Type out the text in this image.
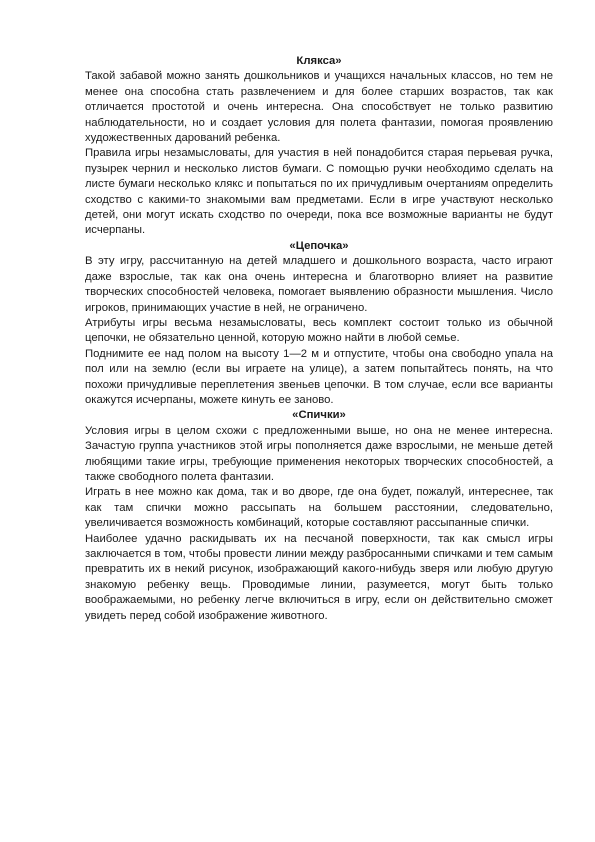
Клякса»

Такой забавой можно занять дошкольников и учащихся начальных классов, но тем не менее она способна стать развлечением и для более старших возрастов, так как отличается простотой и очень интересна. Она способствует не только развитию наблюдательности, но и создает условия для полета фантазии, помогая проявлению художественных дарований ребенка.

Правила игры незамысловаты, для участия в ней понадобится старая перьевая ручка, пузырек чернил и несколько листов бумаги. С помощью ручки необходимо сделать на листе бумаги несколько клякс и попытаться по их причудливым очертаниям определить сходство с какими-то знакомыми вам предметами. Если в игре участвуют несколько детей, они могут искать сходство по очереди, пока все возможные варианты не будут исчерпаны.

«Цепочка»

В эту игру, рассчитанную на детей младшего и дошкольного возраста, часто играют даже взрослые, так как она очень интересна и благотворно влияет на развитие творческих способностей человека, помогает выявлению образности мышления. Число игроков, принимающих участие в ней, не ограничено.

Атрибуты игры весьма незамысловаты, весь комплект состоит только из обычной цепочки, не обязательно ценной, которую можно найти в любой семье.

Поднимите ее над полом на высоту 1—2 м и отпустите, чтобы она свободно упала на пол или на землю (если вы играете на улице), а затем попытайтесь понять, на что похожи причудливые переплетения звеньев цепочки. В том случае, если все варианты окажутся исчерпаны, можете кинуть ее заново.

«Спички»

Условия игры в целом схожи с предложенными выше, но она не менее интересна. Зачастую группа участников этой игры пополняется даже взрослыми, не меньше детей любящими такие игры, требующие применения некоторых творческих способностей, а также свободного полета фантазии.

Играть в нее можно как дома, так и во дворе, где она будет, пожалуй, интереснее, так как там спички можно рассыпать на большем расстоянии, следовательно, увеличивается возможность комбинаций, которые составляют рассыпанные спички.

Наиболее удачно раскидывать их на песчаной поверхности, так как смысл игры заключается в том, чтобы провести линии между разбросанными спичками и тем самым превратить их в некий рисунок, изображающий какого-нибудь зверя или любую другую знакомую ребенку вещь. Проводимые линии, разумеется, могут быть только воображаемыми, но ребенку легче включиться в игру, если он действительно сможет увидеть перед собой изображение животного.
